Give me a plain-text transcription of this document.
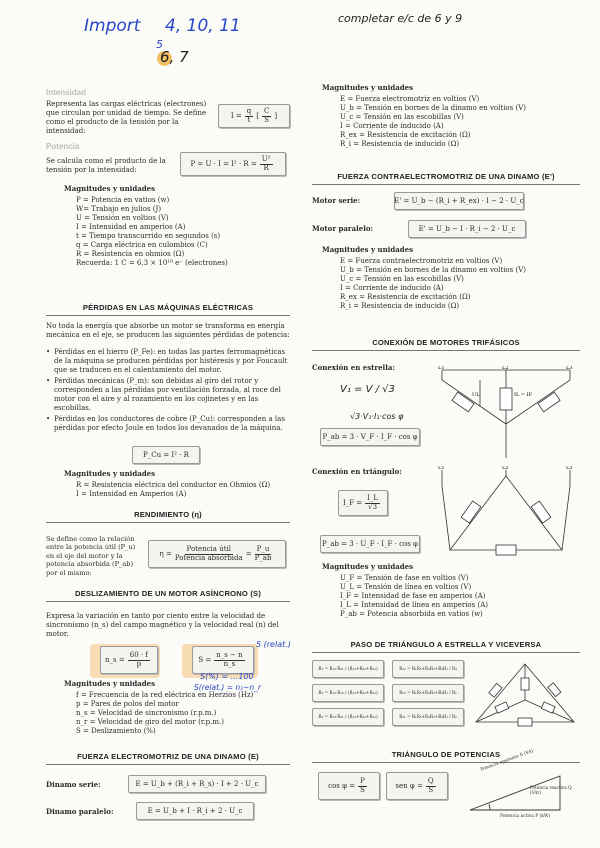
Import 4, 10, 11
5
6, 7
completar e/c de 6 y 9
Intensidad
Representa las cargas eléctricas (electrones) que circulan por unidad de tiempo. Se define como el producto de la tensión por la intensidad:
$I = \frac{q}{t}$ [ $\frac{C}{S}$ ]
Potencia
Se calcula como el producto de la tensión por la intensidad:
$P = U \cdot I = I^2 \cdot R = \frac{\text{U²}}{R}$
Magnitudes y unidades
P = Potencia en vatios (w)
W= Trabajo en julios (J)
U = Tensión en voltios (V)
I = Intensidad en amperios (A)
t = Tiempo transcurrido en segundos (s)
q = Carga eléctrica en culombios (C)
R = Resistencia en ohmios (Ω)
Recuerda: 1 C = 6,3 × 10¹⁸ e⁻ (electrones)
PÉRDIDAS EN LAS MÁQUINAS ELÉCTRICAS
No toda la energía que absorbe un motor se transforma en energía mecánica en el eje, se producen las siguientes pérdidas de potencia:
• Pérdidas en el hierro (P_Fe): en todas las partes ferromagnéticas de la máquina se producen pérdidas por histéresis y por Foucault que se traducen en el calentamiento del motor.
• Pérdidas mecánicas (P_m): son debidas al giro del rotor y corresponden a las pérdidas por ventilación forzada, al roce del motor con el aire y al rozamiento en los cojinetes y en las escobillas.
• Pérdidas en los conductores de cobre (P_Cu): corresponden a las pérdidas por efecto Joule en todos los devanados de la máquina.
P_Cu = I² · R
Magnitudes y unidades
R = Resistencia eléctrica del conductor en Ohmios (Ω)
I = Intensidad en Amperios (A)
RENDIMIENTO (η)
Se define como la relación entre la potencia útil (P_u) en el eje del motor y la potencia absorbida (P_ab) por el mismo:
$\eta = \frac{\text{Potencia útil}}{\text{Potencia absorbida}} = \frac{P\_u}{P\_ab}$
DESLIZAMIENTO DE UN MOTOR ASÍNCRONO (S)
Expresa la variación en tanto por ciento entre la velocidad de sincronismo (n_s) del campo magnético y la velocidad real (n) del motor.
n_s = $\frac{60 \cdot f}{p}$	$S = \frac{n\_s - n}{n\_s}$
5 (relat.)
S(%) = ...100
S(relat.) = n₁−n_r
Magnitudes y unidades
f = Frecuencia de la red eléctrica en Herzios (Hz)
p = Pares de polos del motor
n_s = Velocidad de sincronismo (r.p.m.)
n_r = Velocidad de giro del motor (r.p.m.)
S = Deslizamiento (%)
FUERZA ELECTROMOTRIZ DE UNA DINAMO (E)
Dinamo serie:	E = U_b + (R_i + R_s) · I + 2 · U_c
Dinamo paralelo:	E = U_b + I · R_i + 2 · U_c
Magnitudes y unidades
E = Fuerza electromotriz en voltios (V)
U_b = Tensión en bornes de la dinamo en voltios (V)
U_c = Tensión en las escobillas (V)
I = Corriente de inducido (A)
R_ex = Resistencia de excitación (Ω)
R_i = Resistencia de inducido (Ω)
FUERZA CONTRAELECTROMOTRIZ DE UNA DINAMO (E')
Motor serie:	E' = U_b − (R_i + R_ex) · I − 2 · U_c
Motor paralelo:	E' = U_b − I · R_i − 2 · U_c
Magnitudes y unidades
E = Fuerza contraelectromotriz en voltios (V)
U_b = Tensión en bornes de la dinamo en voltios (V)
U_c = Tensión en las escobillas (V)
I = Corriente de inducido (A)
R_ex = Resistencia de excitación (Ω)
R_i = Resistencia de inducido (Ω)
CONEXIÓN DE MOTORES TRIFÁSICOS
Conexión en estrella:
V₁ = V / √3
√3·V₁·I₁·cos φ
P_ab = 3 · V_F · I_F · cos φ
L1	L2	L3
UL	IL = IF
Conexión en triángulo:
I_F = $\frac{I\_L}{√3}$
P_ab = 3 · U_F · I_F · cos φ
L1	L2	L3
Magnitudes y unidades
U_F = Tensión de fase en voltios (V)
U_L = Tensión de línea en voltios (V)
I_F = Intensidad de fase en amperios (A)
I_L = Intensidad de línea en amperios (A)
P_ab = Potencia absorbida en vatios (w)
PASO DE TRIÁNGULO A ESTRELLA Y VICEVERSA
R₁ = R₁₂·R₃₁ / (R₁₂+R₂₃+R₃₁)	R₁₂ = R₁R₂+R₂R₃+R₃R₁ / R₃
R₂ = R₁₂·R₂₃ / (R₁₂+R₂₃+R₃₁)	R₂₃ = R₁R₂+R₂R₃+R₃R₁ / R₁
R₃ = R₂₃·R₃₁ / (R₁₂+R₂₃+R₃₁)	R₃₁ = R₁R₂+R₂R₃+R₃R₁ / R₂
TRIÁNGULO DE POTENCIAS
$\cos \varphi = \frac{P}{S}$	sen $\varphi = \frac{Q}{S}$
Potencia aparente S (VA)
Potencia reactiva Q (VAr)
Potencia activa P (kW)
